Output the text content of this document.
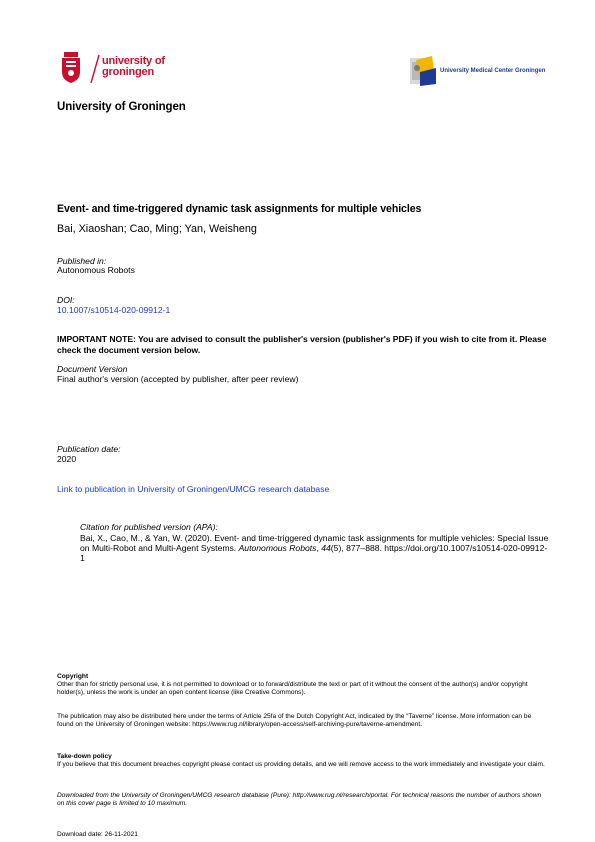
university of
groningen	University Medical Center Groningen
University of Groningen
Event- and time-triggered dynamic task assignments for multiple vehicles
Bai, Xiaoshan; Cao, Ming; Yan, Weisheng
Published in:
Autonomous Robots
DOI:
10.1007/s10514-020-09912-1
IMPORTANT NOTE: You are advised to consult the publisher's version (publisher's PDF) if you wish to cite from it. Please check the document version below.
Document Version
Final author's version (accepted by publisher, after peer review)
Publication date:
2020
Link to publication in University of Groningen/UMCG research database
Citation for published version (APA):
Bai, X., Cao, M., & Yan, W. (2020). Event- and time-triggered dynamic task assignments for multiple vehicles: Special Issue on Multi-Robot and Multi-Agent Systems. Autonomous Robots, 44(5), 877–888. https://doi.org/10.1007/s10514-020-09912-1
Copyright
Other than for strictly personal use, it is not permitted to download or to forward/distribute the text or part of it without the consent of the author(s) and/or copyright holder(s), unless the work is under an open content license (like Creative Commons).
The publication may also be distributed here under the terms of Article 25fa of the Dutch Copyright Act, indicated by the “Taverne” license. More information can be found on the University of Groningen website: https://www.rug.nl/library/open-access/self-archiving-pure/taverne-amendment.
Take-down policy
If you believe that this document breaches copyright please contact us providing details, and we will remove access to the work immediately and investigate your claim.
Downloaded from the University of Groningen/UMCG research database (Pure): http://www.rug.nl/research/portal. For technical reasons the number of authors shown on this cover page is limited to 10 maximum.
Download date: 26-11-2021
